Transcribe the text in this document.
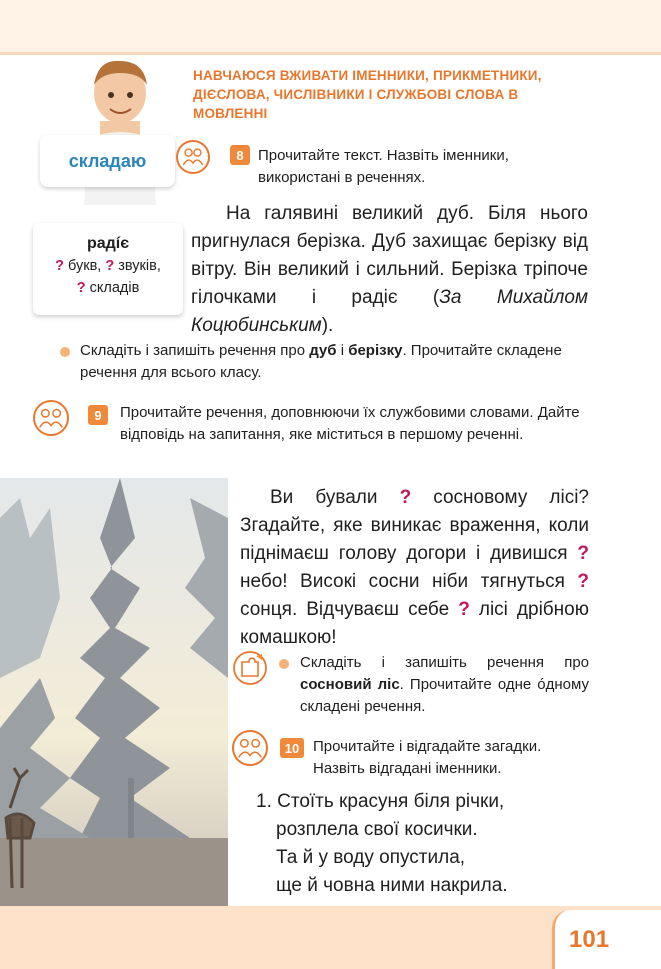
101
складаю
НАВЧАЮСЯ ВЖИВАТИ ІМЕННИКИ, ПРИКМЕТНИКИ, ДІЄСЛОВА, ЧИСЛІВНИКИ І СЛУЖБОВІ СЛОВА В МОВЛЕННІ
8 Прочитайте текст. Назвіть іменники, використані в реченнях.
радíє
? букв, ? звуків,
? складів
На галявині великий дуб. Біля нього пригнулася берізка. Дуб захищає берізку від вітру. Він великий і сильний. Берізка тріпоче гілочками і радіє (За Михайлом Коцюбинським).
Складіть і запишіть речення про дуб і берізку. Прочитайте складене речення для всього класу.
9	Прочитайте речення, доповнюючи їх службовими словами. Дайте відповідь на запитання, яке міститься в першому реченні.
Ви бували ? сосновому лісі? Згадайте, яке виникає враження, коли піднімаєш голову догори і дивишся ? небо! Високі сосни ніби тягнуться ? сонця. Відчуваєш себе ? лісі дрібною комашкою!
Складіть і запишіть речення про сосновий ліс. Прочитайте одне óдному складені речення.
10 Прочитайте і відгадайте загадки. Назвіть відгадані іменники.
1. Стоїть красуня біля річки,
розплела свої косички.
Та й у воду опустила,
ще й човна ними накрила.
